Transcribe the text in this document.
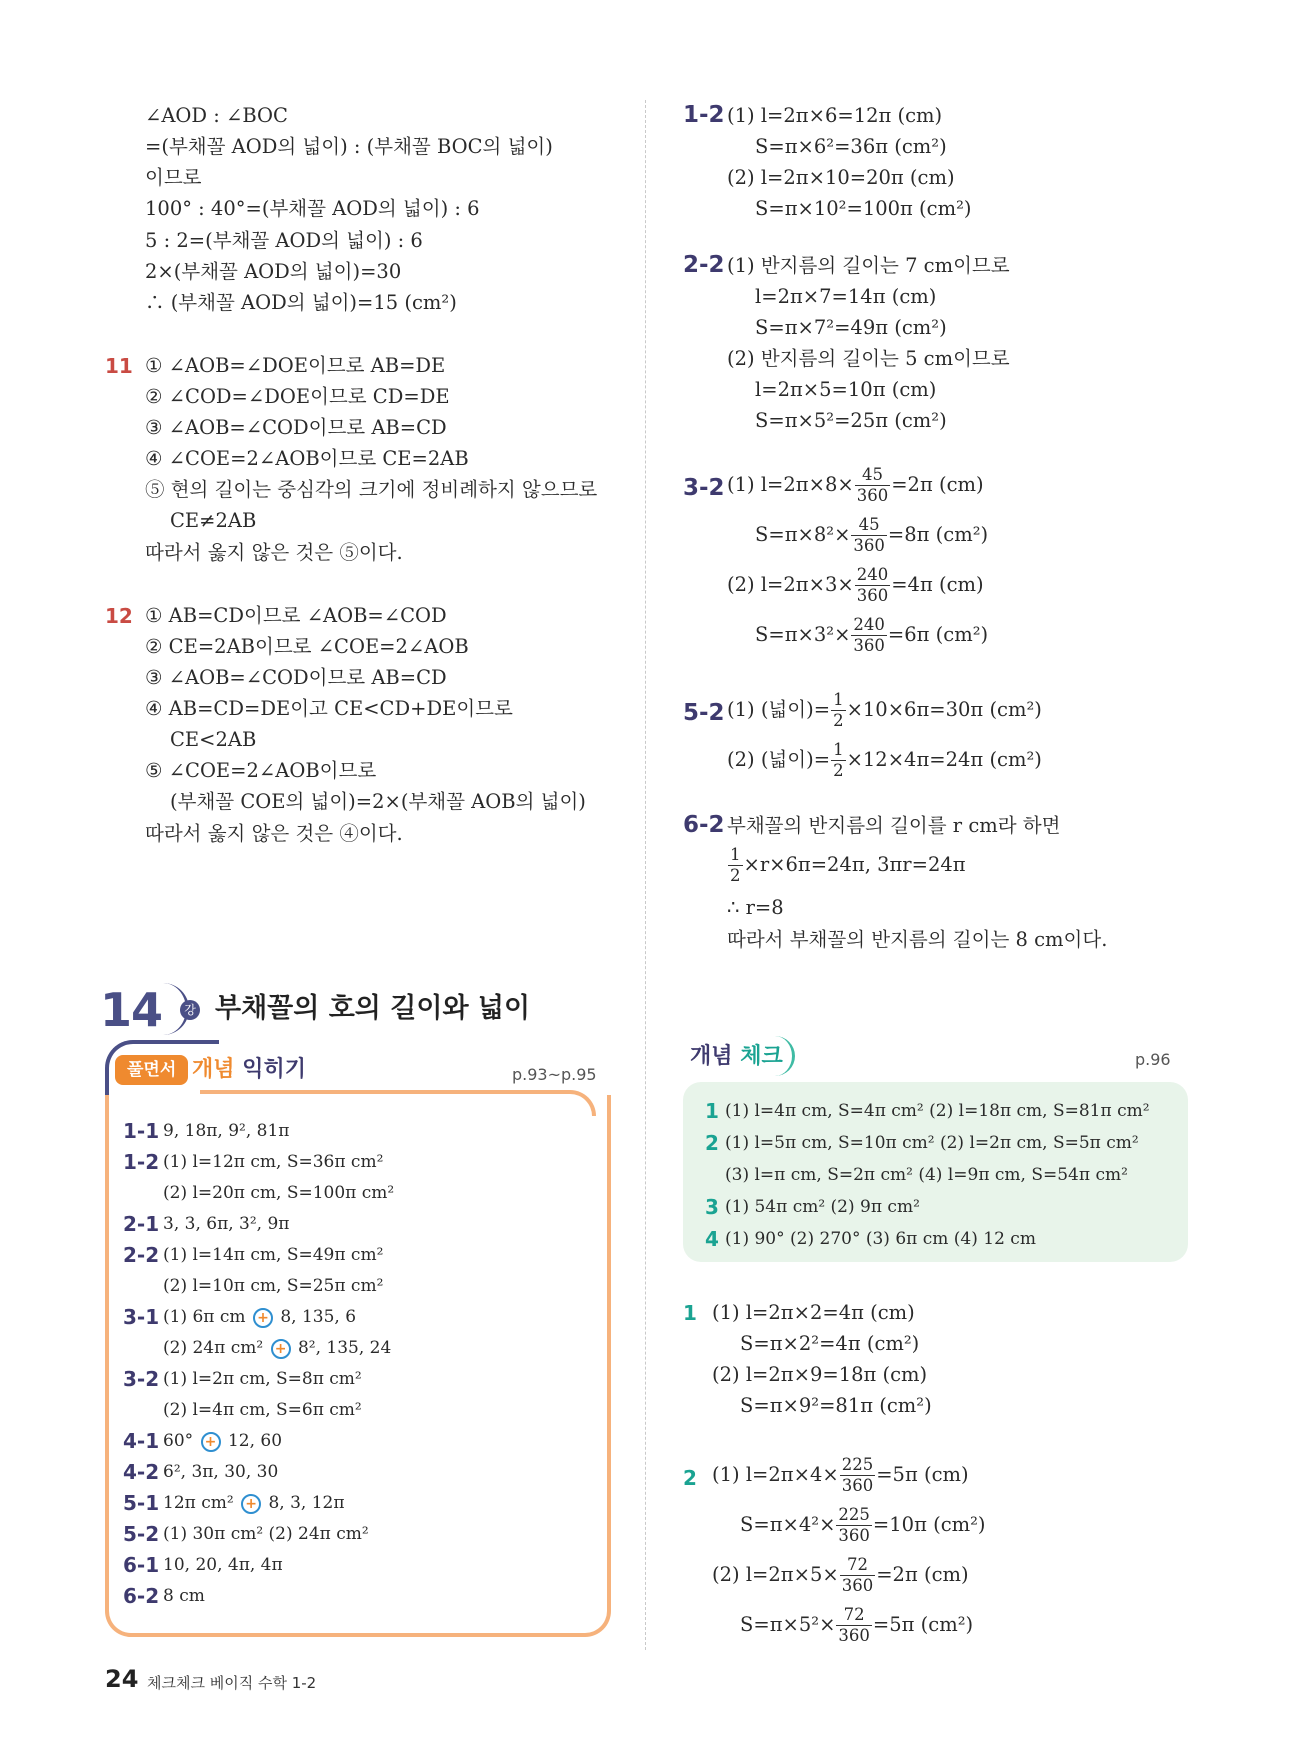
∠AOD : ∠BOC
=(부채꼴 AOD의 넓이) : (부채꼴 BOC의 넓이)
이므로
100° : 40°=(부채꼴 AOD의 넓이) : 6
5 : 2=(부채꼴 AOD의 넓이) : 6
2×(부채꼴 AOD의 넓이)=30
∴ (부채꼴 AOD의 넓이)=15 (cm²)
11 ① ∠AOB=∠DOE이므로 AB=DE
② ∠COD=∠DOE이므로 CD=DE
③ ∠AOB=∠COD이므로 AB=CD
④ ∠COE=2∠AOB이므로 CE=2AB
⑤ 현의 길이는 중심각의 크기에 정비례하지 않으므로
CE≠2AB
따라서 옳지 않은 것은 ⑤이다.
12 ① AB=CD이므로 ∠AOB=∠COD
② CE=2AB이므로 ∠COE=2∠AOB
③ ∠AOB=∠COD이므로 AB=CD
④ AB=CD=DE이고 CE<CD+DE이므로
CE<2AB
⑤ ∠COE=2∠AOB이므로
(부채꼴 COE의 넓이)=2×(부채꼴 AOB의 넓이)
따라서 옳지 않은 것은 ④이다.
14	강 부채꼴의 호의 길이와 넓이
풀면서 개념 익히기	p.93~p.95
1-1 9, 18π, 9², 81π
1-2 (1) l=12π cm, S=36π cm²
(2) l=20π cm, S=100π cm²
2-1 3, 3, 6π, 3², 9π
2-2 (1) l=14π cm, S=49π cm²
(2) l=10π cm, S=25π cm²
3-1 (1) 6π cm + 8, 135, 6
(2) 24π cm² + 8², 135, 24
3-2 (1) l=2π cm, S=8π cm²
(2) l=4π cm, S=6π cm²
4-1 60° + 12, 60
4-2 6², 3π, 30, 30
5-1 12π cm² + 8, 3, 12π
5-2 (1) 30π cm² (2) 24π cm²
6-1 10, 20, 4π, 4π
6-2 8 cm
1-2 (1) l=2π×6=12π (cm)
S=π×6²=36π (cm²)
(2) l=2π×10=20π (cm)
S=π×10²=100π (cm²)
2-2 (1) 반지름의 길이는 7 cm이므로
l=2π×7=14π (cm)
S=π×7²=49π (cm²)
(2) 반지름의 길이는 5 cm이므로
l=2π×5=10π (cm)
S=π×5²=25π (cm²)
3-2 (1) $l=2\pi\times 8\times \frac{45}{360} =2\pi$ (cm)
$S=\pi\times 8^2\times \frac{45}{360} =8\pi$ (cm²)
(2) $l=2\pi\times 3\times \frac{240}{360} =4\pi$ (cm)
$S=\pi\times 3^2\times \frac{240}{360} =6\pi$ (cm²)
5-2 (1) (넓이)= $\frac{1}{2} \times 10\times 6\pi=30\pi$ (cm²)
(2) (넓이)= $\frac{1}{2} \times 12\times 4\pi=24\pi$ (cm²)
6-2 부채꼴의 반지름의 길이를 r cm라 하면
$\frac{1}{2} \times r\times 6\pi=24\pi$, 3πr=24π
∴ r=8
따라서 부채꼴의 반지름의 길이는 8 cm이다.
개념 체크	p.96
1 (1) l=4π cm, S=4π cm² (2) l=18π cm, S=81π cm²
2 (1) l=5π cm, S=10π cm² (2) l=2π cm, S=5π cm²
(3) l=π cm, S=2π cm² (4) l=9π cm, S=54π cm²
3 (1) 54π cm² (2) 9π cm²
4 (1) 90° (2) 270° (3) 6π cm (4) 12 cm
1 (1) l=2π×2=4π (cm)
S=π×2²=4π (cm²)
(2) l=2π×9=18π (cm)
S=π×9²=81π (cm²)
2 (1) $l=2\pi\times 4\times \frac{225}{360} =5\pi$ (cm)
$S=\pi\times 4^2\times \frac{225}{360} =10\pi$ (cm²)
(2) $l=2\pi\times 5\times \frac{72}{360} =2\pi$ (cm)
$S=\pi\times 5^2\times \frac{72}{360} =5\pi$ (cm²)
24 체크체크 베이직 수학 1-2
